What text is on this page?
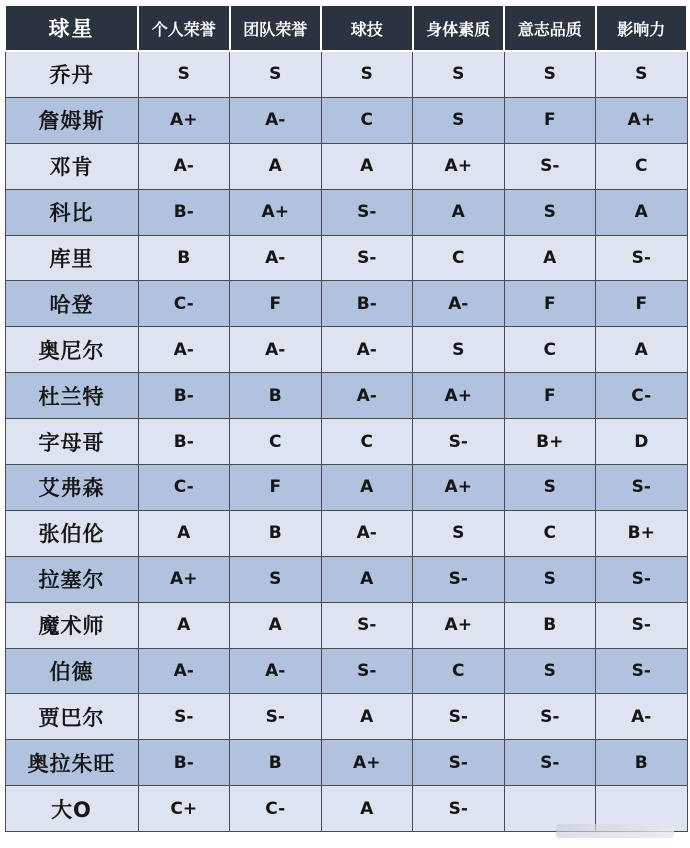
球星	个人荣誉	团队荣誉	球技	身体素质	意志品质	影响力
乔丹	S	S	S	S	S	S
詹姆斯	A+	A-	C	S	F	A+
邓肯	A-	A	A	A+	S-	C
科比	B-	A+	S-	A	S	A
库里	B	A-	S-	C	A	S-
哈登	C-	F	B-	A-	F	F
奥尼尔	A-	A-	A-	S	C	A
杜兰特	B-	B	A-	A+	F	C-
字母哥	B-	C	C	S-	B+	D
艾弗森	C-	F	A	A+	S	S-
张伯伦	A	B	A-	S	C	B+
拉塞尔	A+	S	A	S-	S	S-
魔术师	A	A	S-	A+	B	S-
伯德	A-	A-	S-	C	S	S-
贾巴尔	S-	S-	A	S-	S-	A-
奥拉朱旺	B-	B	A+	S-	S-	B
大O	C+	C-	A	S-		
